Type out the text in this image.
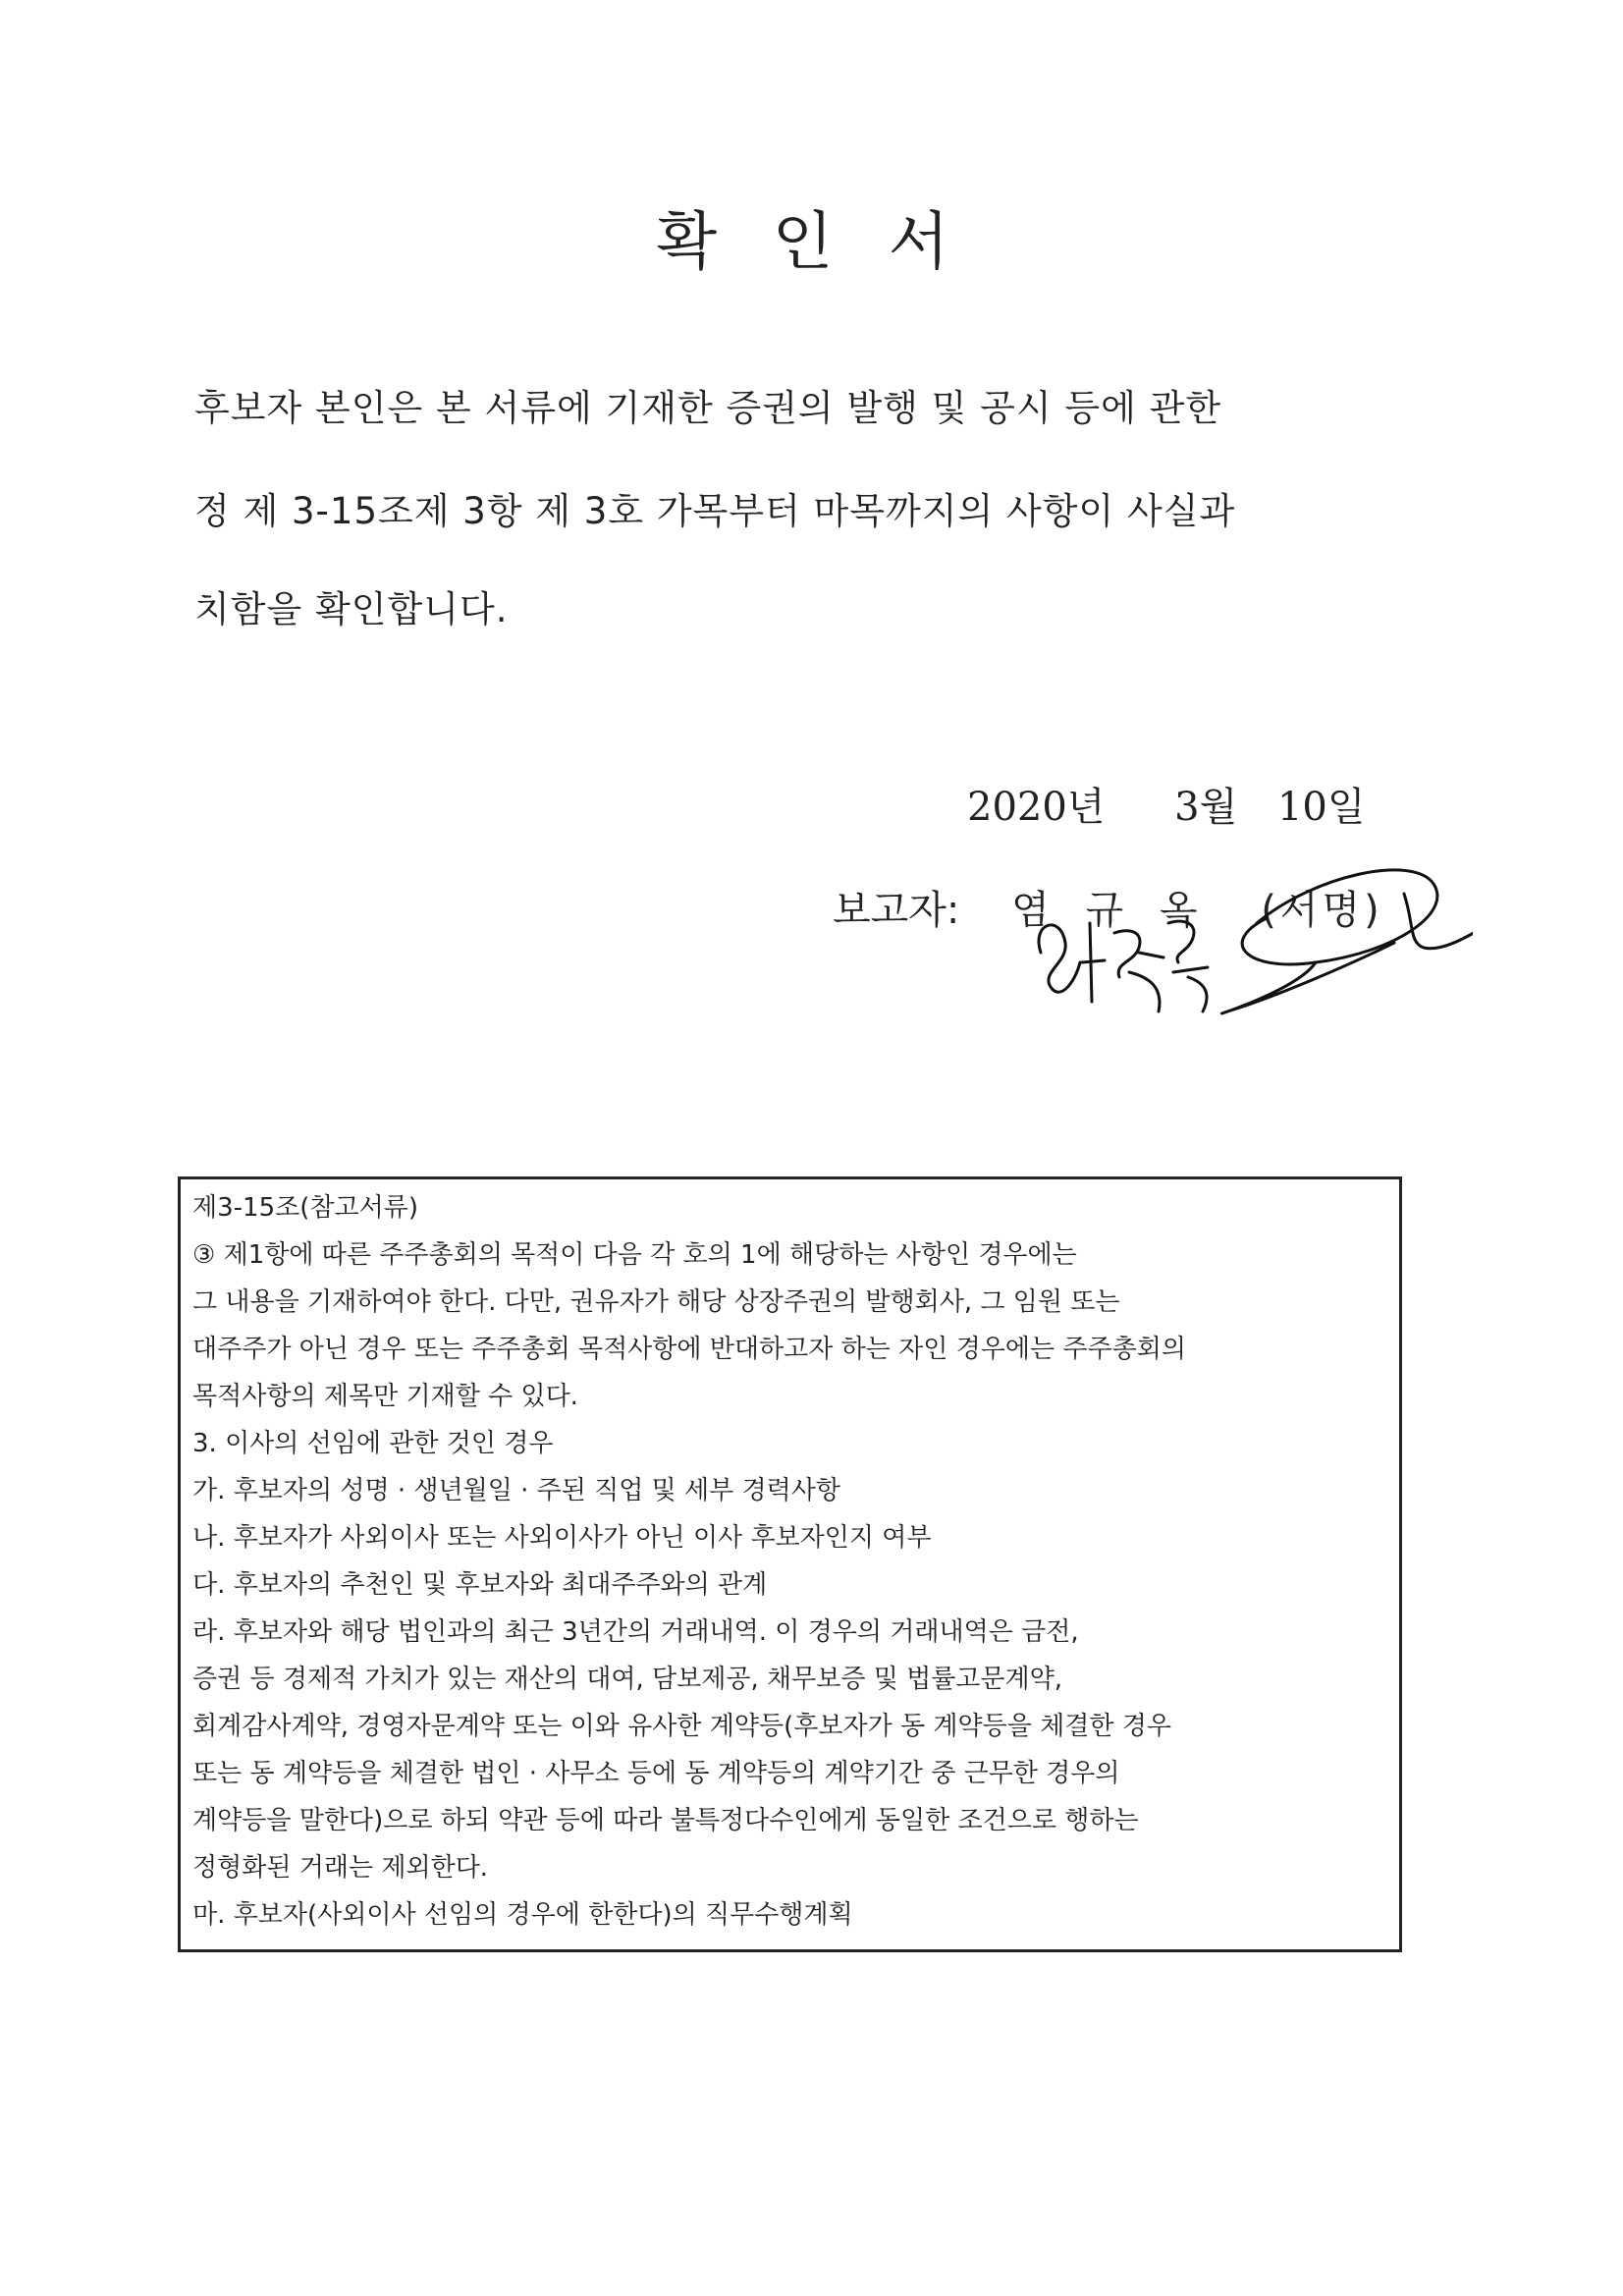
확 인 서
후보자 본인은 본 서류에 기재한 증권의 발행 및 공시 등에 관한
정 제 3-15조제 3항 제 3호 가목부터 마목까지의 사항이 사실과
치함을 확인합니다.
2020년 3월 10일
보고자: 염 규 옥 (서명)
제3-15조(참고서류)
③ 제1항에 따른 주주총회의 목적이 다음 각 호의 1에 해당하는 사항인 경우에는
그 내용을 기재하여야 한다. 다만, 권유자가 해당 상장주권의 발행회사, 그 임원 또는
대주주가 아닌 경우 또는 주주총회 목적사항에 반대하고자 하는 자인 경우에는 주주총회의
목적사항의 제목만 기재할 수 있다.
3. 이사의 선임에 관한 것인 경우
가. 후보자의 성명 · 생년월일 · 주된 직업 및 세부 경력사항
나. 후보자가 사외이사 또는 사외이사가 아닌 이사 후보자인지 여부
다. 후보자의 추천인 및 후보자와 최대주주와의 관계
라. 후보자와 해당 법인과의 최근 3년간의 거래내역. 이 경우의 거래내역은 금전,
증권 등 경제적 가치가 있는 재산의 대여, 담보제공, 채무보증 및 법률고문계약,
회계감사계약, 경영자문계약 또는 이와 유사한 계약등(후보자가 동 계약등을 체결한 경우
또는 동 계약등을 체결한 법인 · 사무소 등에 동 계약등의 계약기간 중 근무한 경우의
계약등을 말한다)으로 하되 약관 등에 따라 불특정다수인에게 동일한 조건으로 행하는
정형화된 거래는 제외한다.
마. 후보자(사외이사 선임의 경우에 한한다)의 직무수행계획
